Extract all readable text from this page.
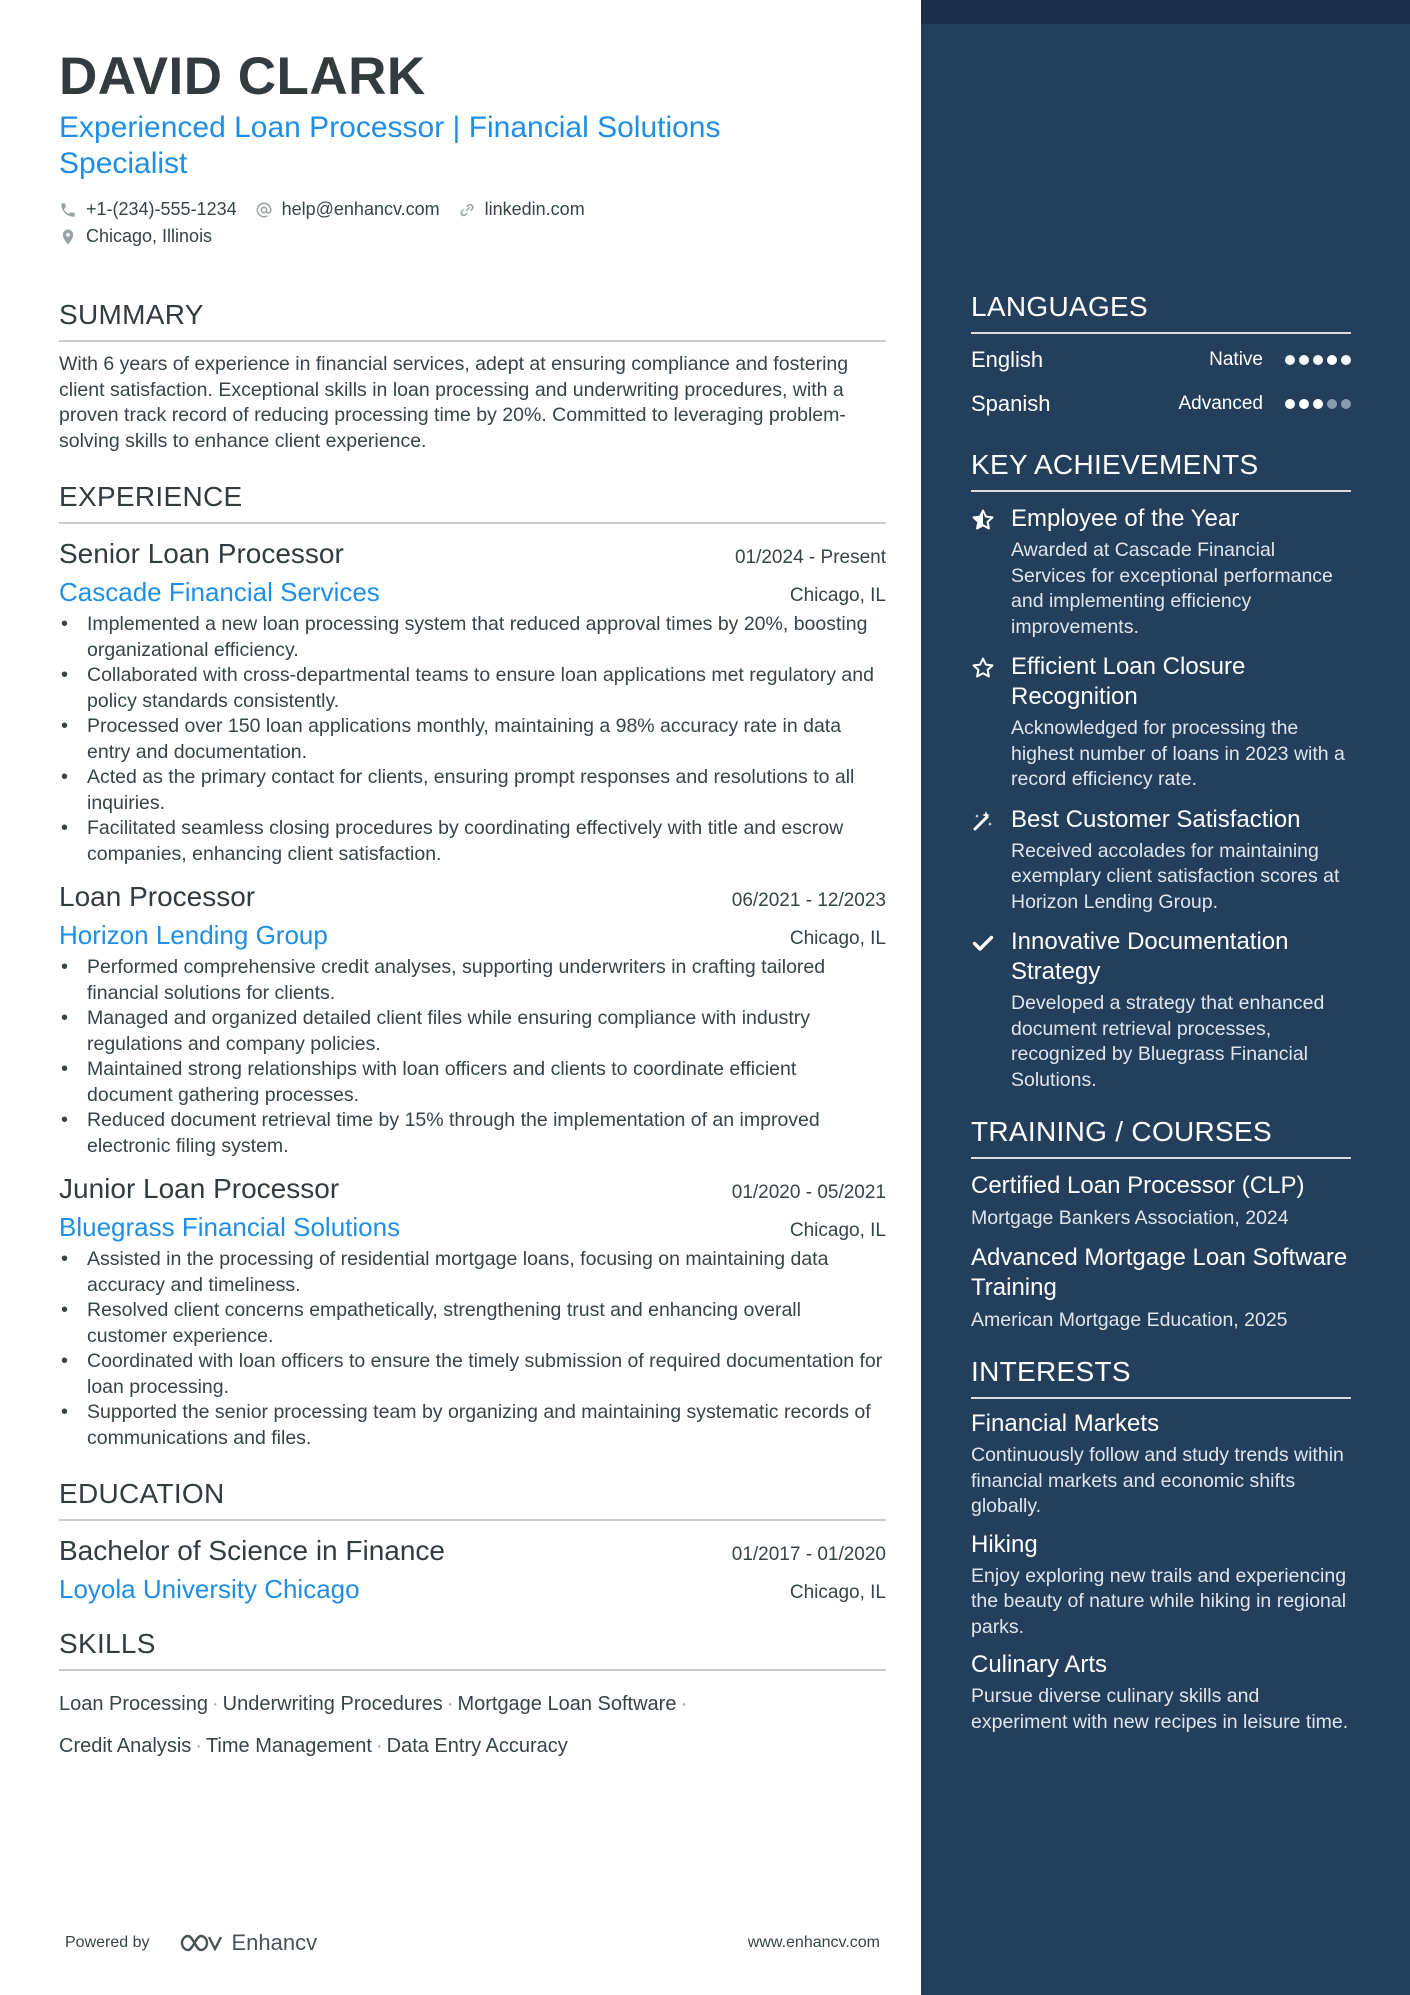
DAVID CLARK
Experienced Loan Processor | Financial Solutions Specialist
+1-(234)-555-1234	help@enhancv.com	linkedin.com
Chicago, Illinois
SUMMARY
With 6 years of experience in financial services, adept at ensuring compliance and fostering client satisfaction. Exceptional skills in loan processing and underwriting procedures, with a proven track record of reducing processing time by 20%. Committed to leveraging problem-solving skills to enhance client experience.
EXPERIENCE
Senior Loan Processor	01/2024 - Present
Cascade Financial Services	Chicago, IL
• Implemented a new loan processing system that reduced approval times by 20%, boosting organizational efficiency.
• Collaborated with cross-departmental teams to ensure loan applications met regulatory and policy standards consistently.
• Processed over 150 loan applications monthly, maintaining a 98% accuracy rate in data entry and documentation.
• Acted as the primary contact for clients, ensuring prompt responses and resolutions to all inquiries.
• Facilitated seamless closing procedures by coordinating effectively with title and escrow companies, enhancing client satisfaction.
Loan Processor	06/2021 - 12/2023
Horizon Lending Group	Chicago, IL
• Performed comprehensive credit analyses, supporting underwriters in crafting tailored financial solutions for clients.
• Managed and organized detailed client files while ensuring compliance with industry regulations and company policies.
• Maintained strong relationships with loan officers and clients to coordinate efficient document gathering processes.
• Reduced document retrieval time by 15% through the implementation of an improved electronic filing system.
Junior Loan Processor	01/2020 - 05/2021
Bluegrass Financial Solutions	Chicago, IL
• Assisted in the processing of residential mortgage loans, focusing on maintaining data accuracy and timeliness.
• Resolved client concerns empathetically, strengthening trust and enhancing overall customer experience.
• Coordinated with loan officers to ensure the timely submission of required documentation for loan processing.
• Supported the senior processing team by organizing and maintaining systematic records of communications and files.
EDUCATION
Bachelor of Science in Finance	01/2017 - 01/2020
Loyola University Chicago	Chicago, IL
SKILLS
Loan Processing · Underwriting Procedures · Mortgage Loan Software ·
Credit Analysis · Time Management · Data Entry Accuracy
Powered by	Enhancv	www.enhancv.com
LANGUAGES
English	Native
Spanish	Advanced
KEY ACHIEVEMENTS
Employee of the Year
Awarded at Cascade Financial Services for exceptional performance and implementing efficiency improvements.
Efficient Loan Closure Recognition
Acknowledged for processing the highest number of loans in 2023 with a record efficiency rate.
Best Customer Satisfaction
Received accolades for maintaining exemplary client satisfaction scores at Horizon Lending Group.
Innovative Documentation Strategy
Developed a strategy that enhanced document retrieval processes, recognized by Bluegrass Financial Solutions.
TRAINING / COURSES
Certified Loan Processor (CLP)
Mortgage Bankers Association, 2024
Advanced Mortgage Loan Software Training
American Mortgage Education, 2025
INTERESTS
Financial Markets
Continuously follow and study trends within financial markets and economic shifts globally.
Hiking
Enjoy exploring new trails and experiencing the beauty of nature while hiking in regional parks.
Culinary Arts
Pursue diverse culinary skills and experiment with new recipes in leisure time.
